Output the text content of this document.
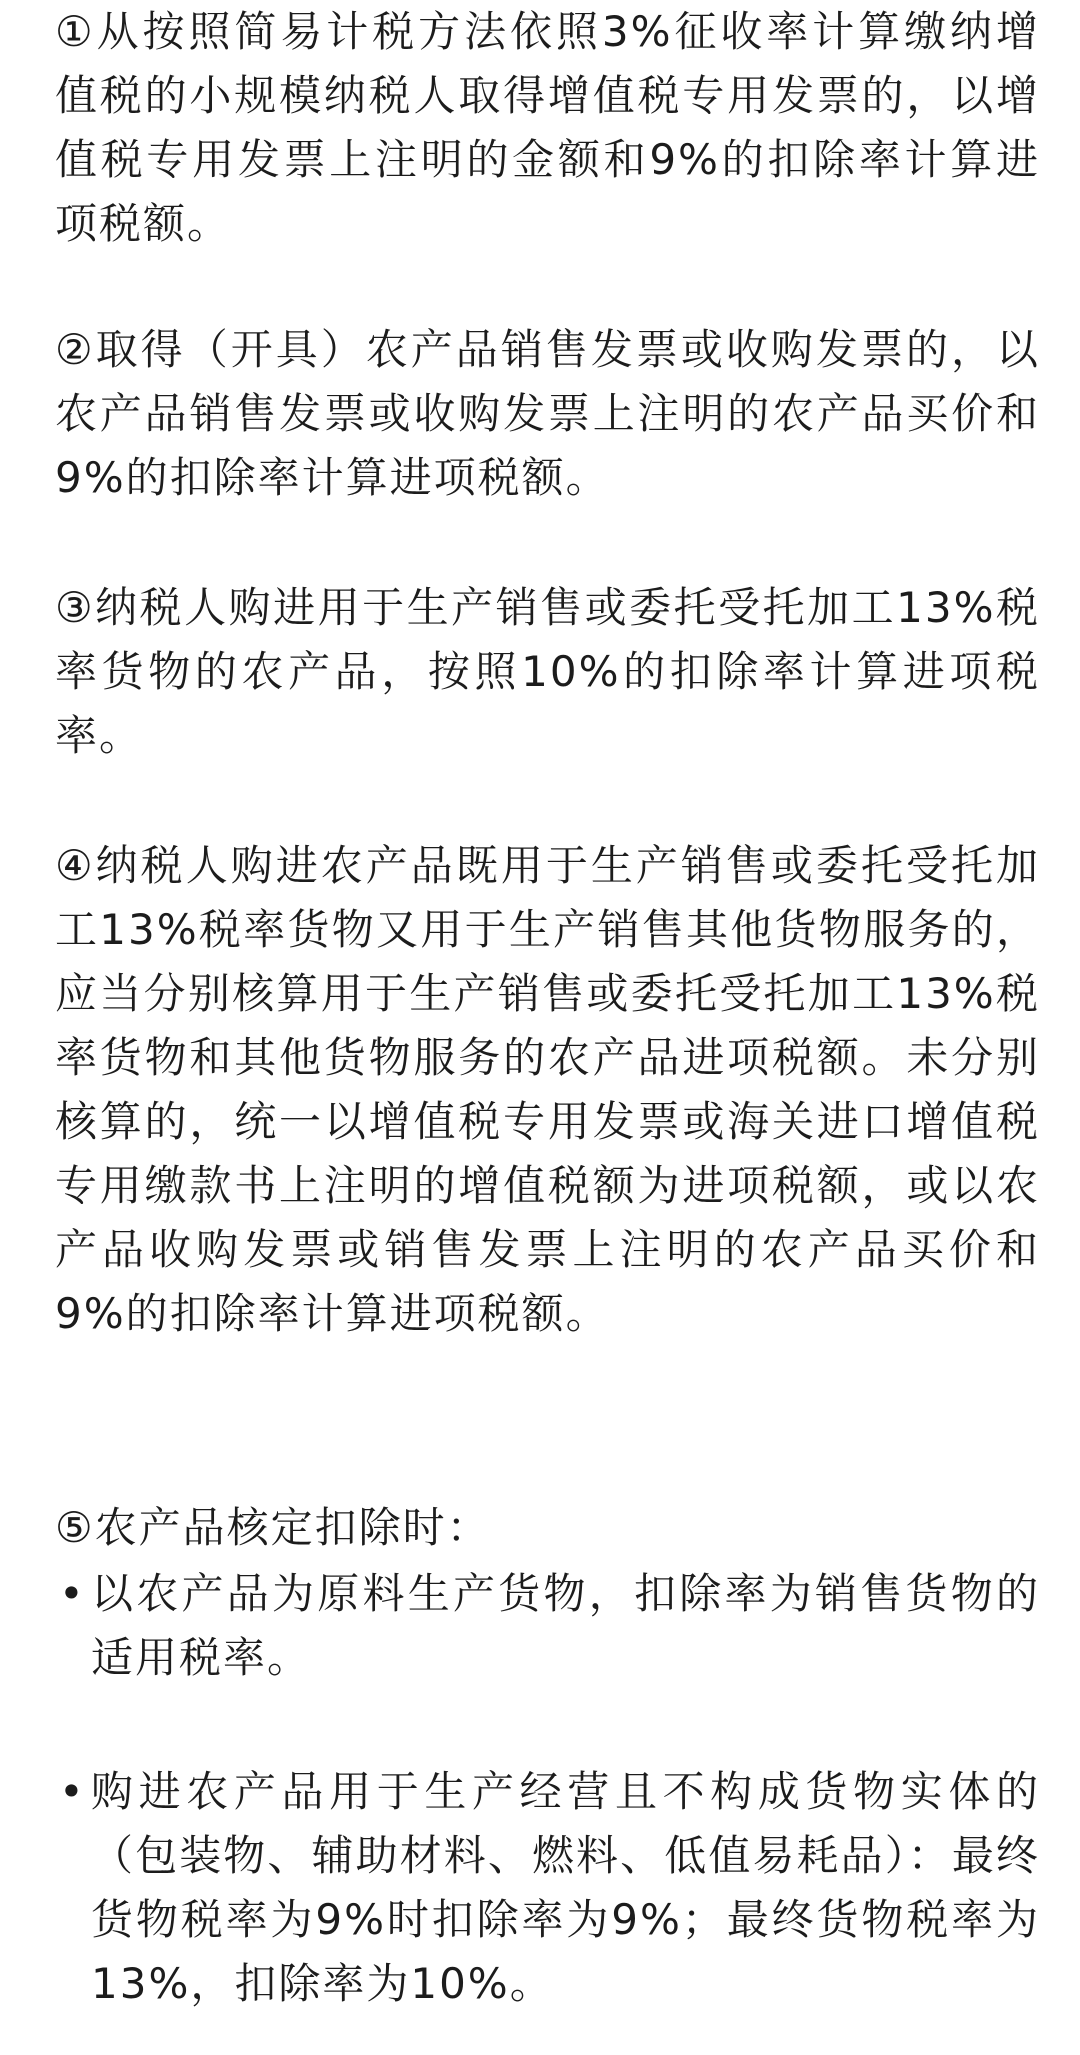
①从按照简易计税方法依照3%征收率计算缴纳增值税的小规模纳税人取得增值税专用发票的，以增值税专用发票上注明的金额和9%的扣除率计算进项税额。

②取得（开具）农产品销售发票或收购发票的，以农产品销售发票或收购发票上注明的农产品买价和9%的扣除率计算进项税额。

③纳税人购进用于生产销售或委托受托加工13%税率货物的农产品，按照10%的扣除率计算进项税率。

④纳税人购进农产品既用于生产销售或委托受托加工13%税率货物又用于生产销售其他货物服务的，应当分别核算用于生产销售或委托受托加工13%税率货物和其他货物服务的农产品进项税额。未分别核算的，统一以增值税专用发票或海关进口增值税专用缴款书上注明的增值税额为进项税额，或以农产品收购发票或销售发票上注明的农产品买价和9%的扣除率计算进项税额。

⑤农产品核定扣除时：

• 以农产品为原料生产货物，扣除率为销售货物的适用税率。
• 购进农产品用于生产经营且不构成货物实体的（包装物、辅助材料、燃料、低值易耗品）：最终货物税率为9%时扣除率为9%；最终货物税率为13%，扣除率为10%。
